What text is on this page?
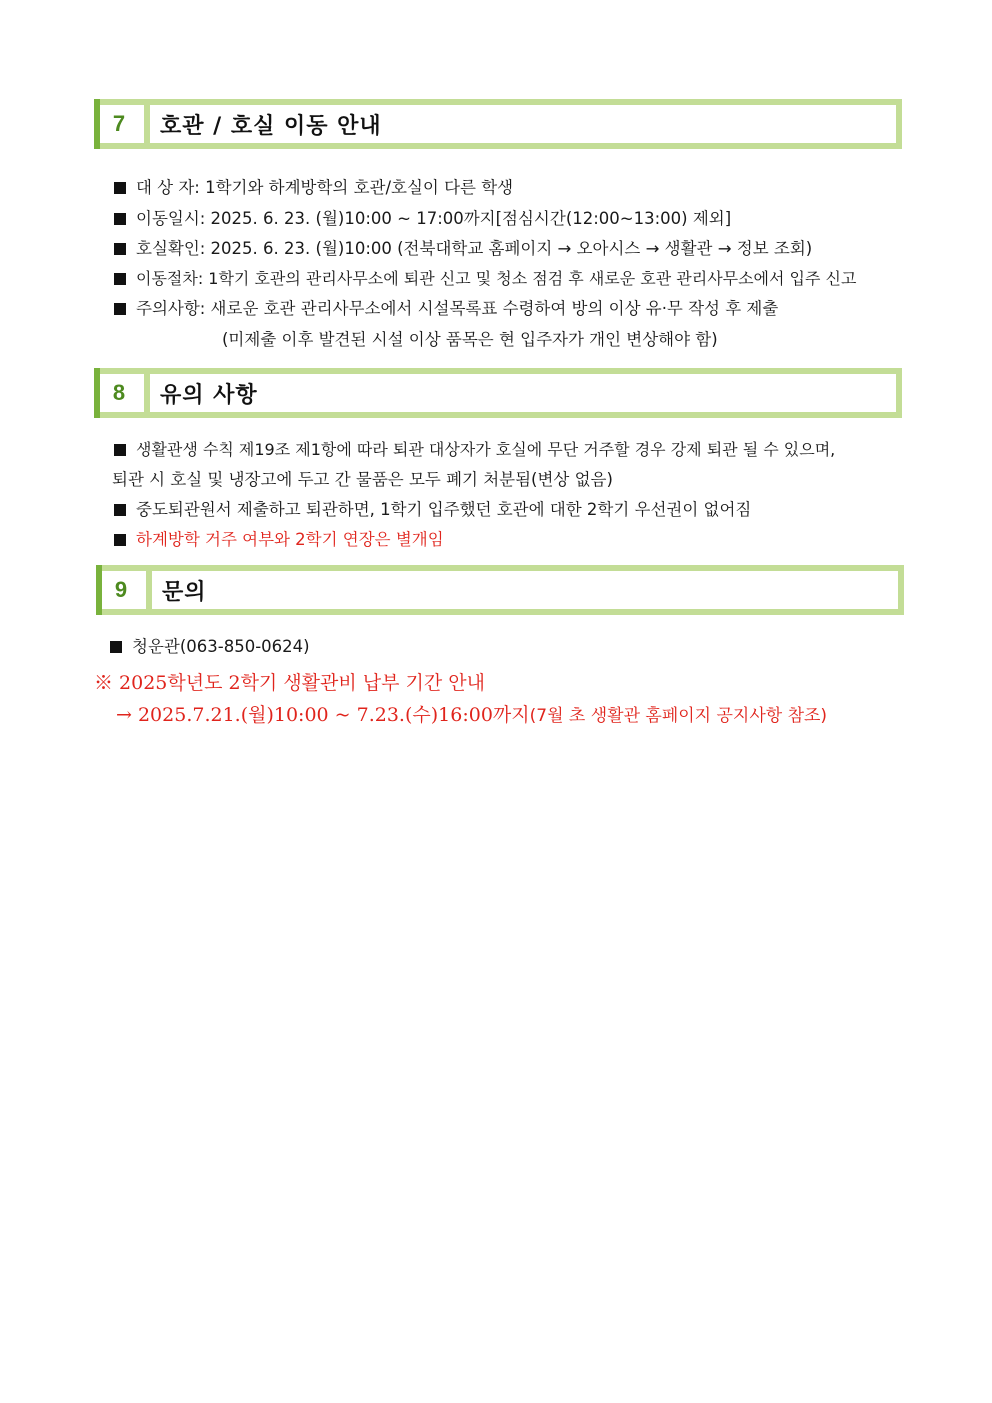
7	호관 / 호실 이동 안내
대 상 자: 1학기와 하계방학의 호관/호실이 다른 학생
이동일시: 2025. 6. 23. (월)10:00 ~ 17:00까지[점심시간(12:00~13:00) 제외]
호실확인: 2025. 6. 23. (월)10:00 (전북대학교 홈페이지 → 오아시스 → 생활관 → 정보 조회)
이동절차: 1학기 호관의 관리사무소에 퇴관 신고 및 청소 점검 후 새로운 호관 관리사무소에서 입주 신고
주의사항: 새로운 호관 관리사무소에서 시설목록표 수령하여 방의 이상 유·무 작성 후 제출
(미제출 이후 발견된 시설 이상 품목은 현 입주자가 개인 변상해야 함)
8	유의 사항
생활관생 수칙 제19조 제1항에 따라 퇴관 대상자가 호실에 무단 거주할 경우 강제 퇴관 될 수 있으며,
퇴관 시 호실 및 냉장고에 두고 간 물품은 모두 폐기 처분됨(변상 없음)
중도퇴관원서 제출하고 퇴관하면, 1학기 입주했던 호관에 대한 2학기 우선권이 없어짐
하계방학 거주 여부와 2학기 연장은 별개임
9	문의
청운관(063-850-0624)
※ 2025학년도 2학기 생활관비 납부 기간 안내
→ 2025.7.21.(월)10:00 ~ 7.23.(수)16:00까지(7월 초 생활관 홈페이지 공지사항 참조)
